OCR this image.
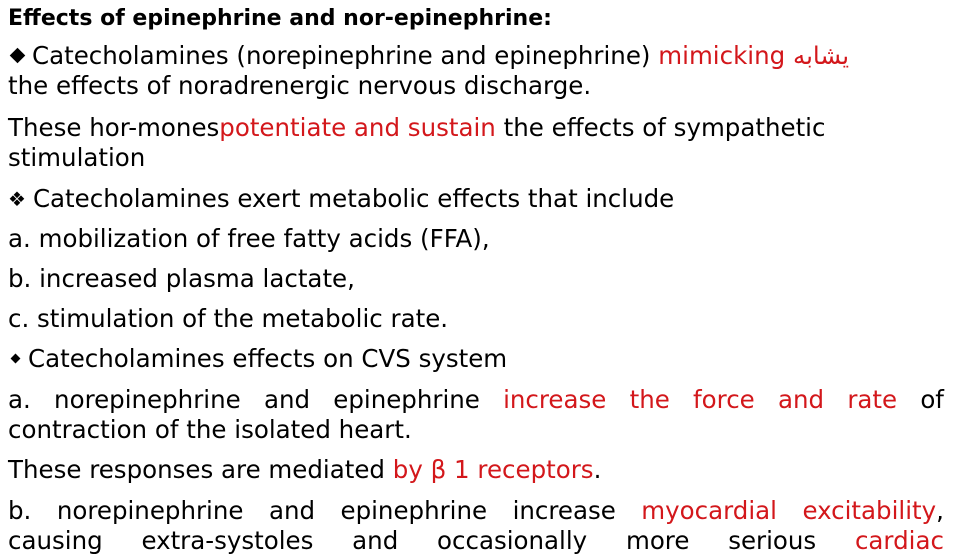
Effects of epinephrine and nor-epinephrine:
Catecholamines (norepinephrine and epinephrine) mimicking يشابه
the effects of noradrenergic nervous discharge.
These hor-monespotentiate and sustain the effects of sympathetic
stimulation
❖ Catecholamines exert metabolic effects that include
a. mobilization of free fatty acids (FFA),
b. increased plasma lactate,
c. stimulation of the metabolic rate.
Catecholamines effects on CVS system
a. norepinephrine and epinephrine increase the force and rate of
contraction of the isolated heart.
These responses are mediated by β 1 receptors.
b. norepinephrine and epinephrine increase myocardial excitability,
causing extra-systoles and occasionally more serious cardiac
